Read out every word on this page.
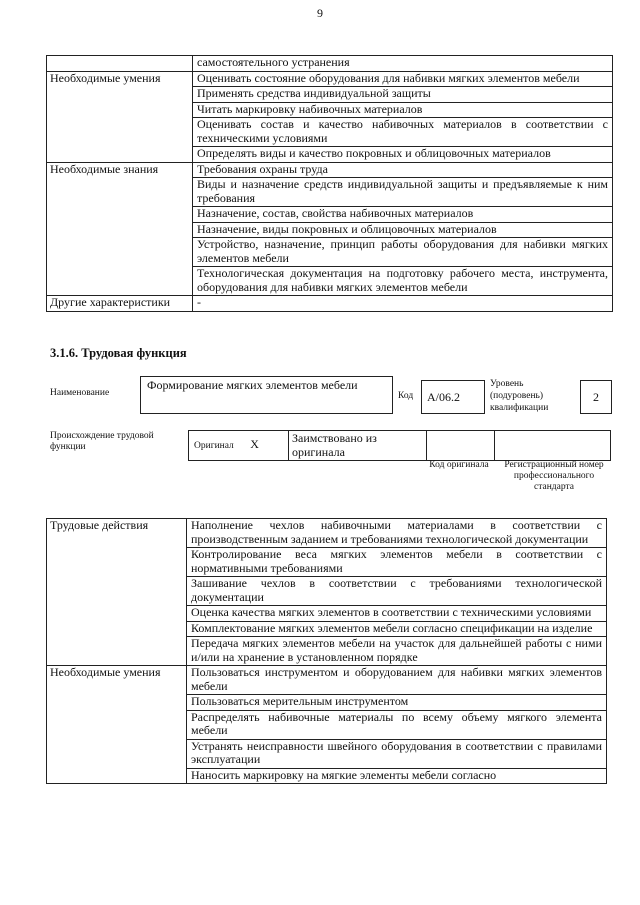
9
	самостоятельного устранения
Необходимые умения	Оценивать состояние оборудования для набивки мягких элементов мебели
	Применять средства индивидуальной защиты
	Читать маркировку набивочных материалов
	Оценивать состав и качество набивочных материалов в соответствии с техническими условиями
	Определять виды и качество покровных и облицовочных материалов
Необходимые знания	Требования охраны труда
	Виды и назначение средств индивидуальной защиты и предъявляемые к ним требования
	Назначение, состав, свойства набивочных материалов
	Назначение, виды покровных и облицовочных материалов
	Устройство, назначение, принцип работы оборудования для набивки мягких элементов мебели
	Технологическая документация на подготовку рабочего места, инструмента, оборудования для набивки мягких элементов мебели
Другие характеристики	-
3.1.6. Трудовая функция
Наименование
Формирование мягких элементов мебели
Код	А/06.2
Уровень (подуровень) квалификации
2
Происхождение трудовой функции	Оригинал X	Заимствовано из оригинала		
Код оригинала	Регистрационный номер профессионального стандарта
Трудовые действия	Наполнение чехлов набивочными материалами в соответствии с производственным заданием и требованиями технологической документации
	Контролирование веса мягких элементов мебели в соответствии с нормативными требованиями
	Зашивание чехлов в соответствии с требованиями технологической документации
	Оценка качества мягких элементов в соответствии с техническими условиями
	Комплектование мягких элементов мебели согласно спецификации на изделие
	Передача мягких элементов мебели на участок для дальнейшей работы с ними и/или на хранение в установленном порядке
Необходимые умения	Пользоваться инструментом и оборудованием для набивки мягких элементов мебели
	Пользоваться мерительным инструментом
	Распределять набивочные материалы по всему объему мягкого элемента мебели
	Устранять неисправности швейного оборудования в соответствии с правилами эксплуатации
	Наносить маркировку на мягкие элементы мебели согласно
